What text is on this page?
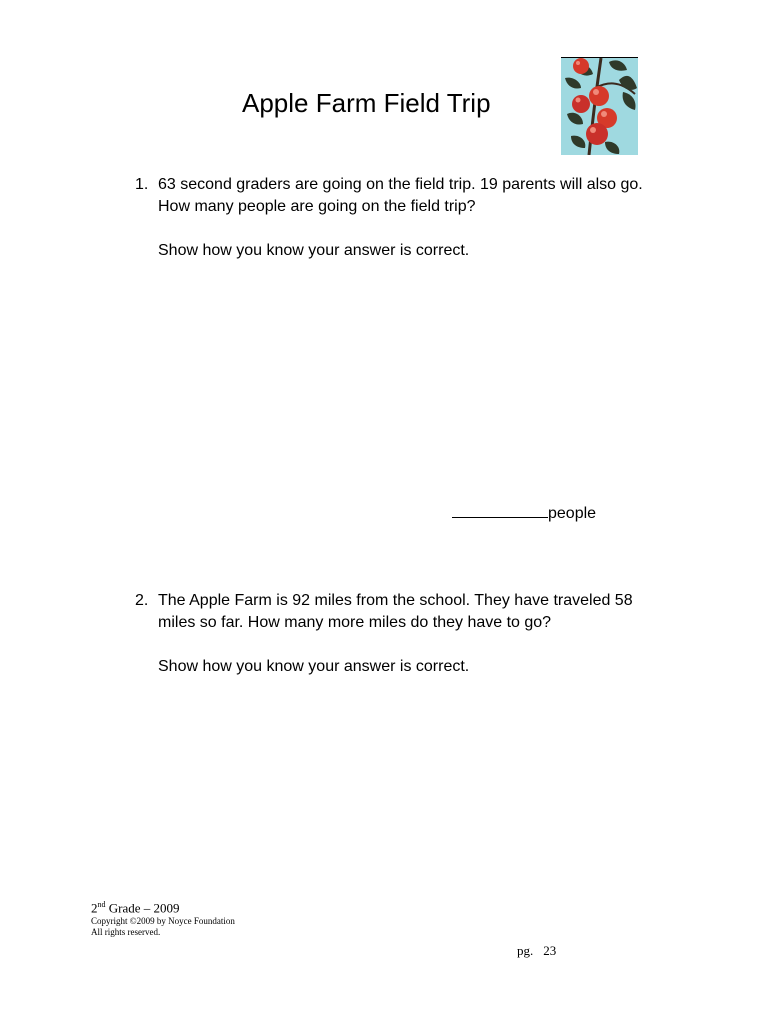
Apple Farm Field Trip
1. 63 second graders are going on the field trip. 19 parents will also go.
How many people are going on the field trip?
Show how you know your answer is correct.
people
2. The Apple Farm is 92 miles from the school. They have traveled 58
miles so far. How many more miles do they have to go?
Show how you know your answer is correct.
2nd Grade – 2009
Copyright ©2009 by Noyce Foundation
All rights reserved.
pg. 23
